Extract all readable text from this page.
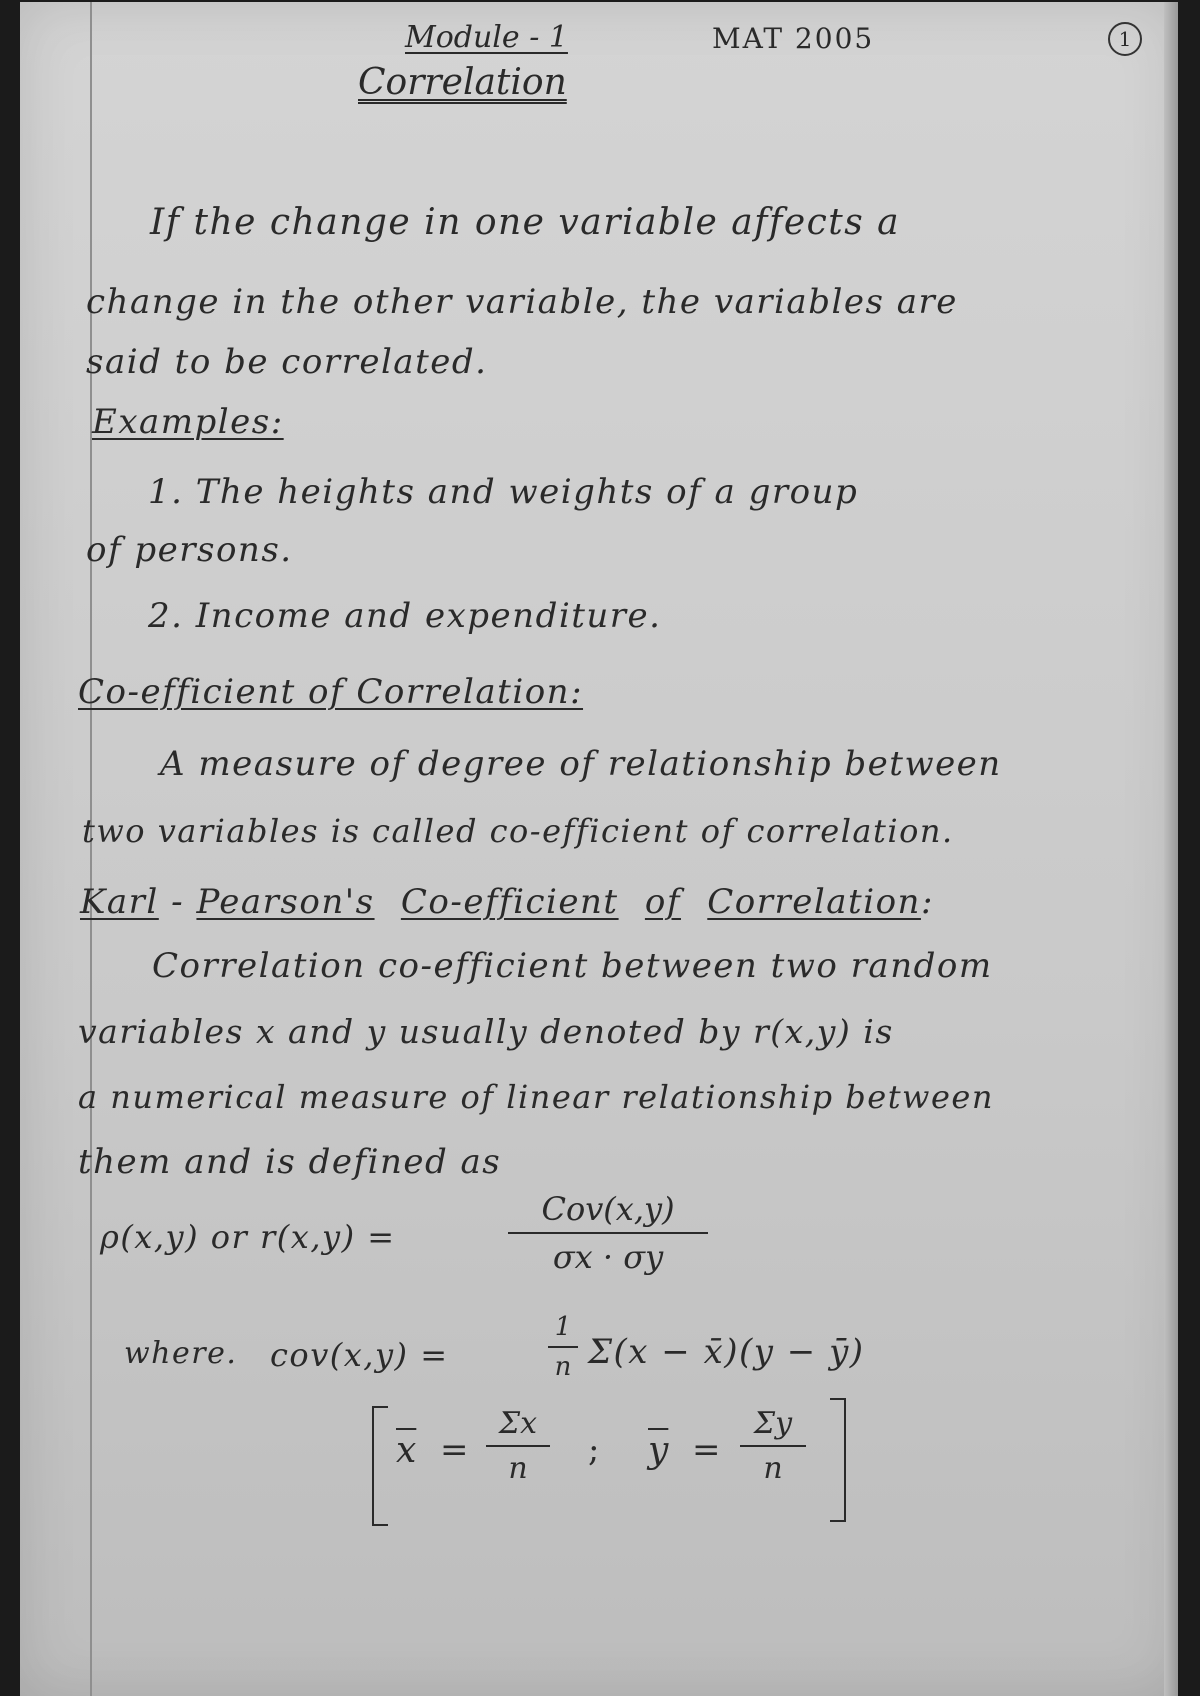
Module - 1	MAT 2005	1
Correlation
If the change in one variable affects a
change in the other variable, the variables are
said to be correlated.
Examples:
1. The heights and weights of a group
of persons.
2. Income and expenditure.
Co-efficient of Correlation:
A measure of degree of relationship between
two variables is called co-efficient of correlation.
Karl - Pearson's Co-efficient of Correlation:
Correlation co-efficient between two random
variables x and y usually denoted by r(x,y) is
a numerical measure of linear relationship between
them and is defined as
ρ(x,y) or r(x,y) =
Cov(x,y)
σx · σy
where. cov(x,y) =
1
n Σ(x − x̄)(y − ȳ)
$\overline{x}$ =
Σx
n	; $\overline{y}$ =
Σy
n
